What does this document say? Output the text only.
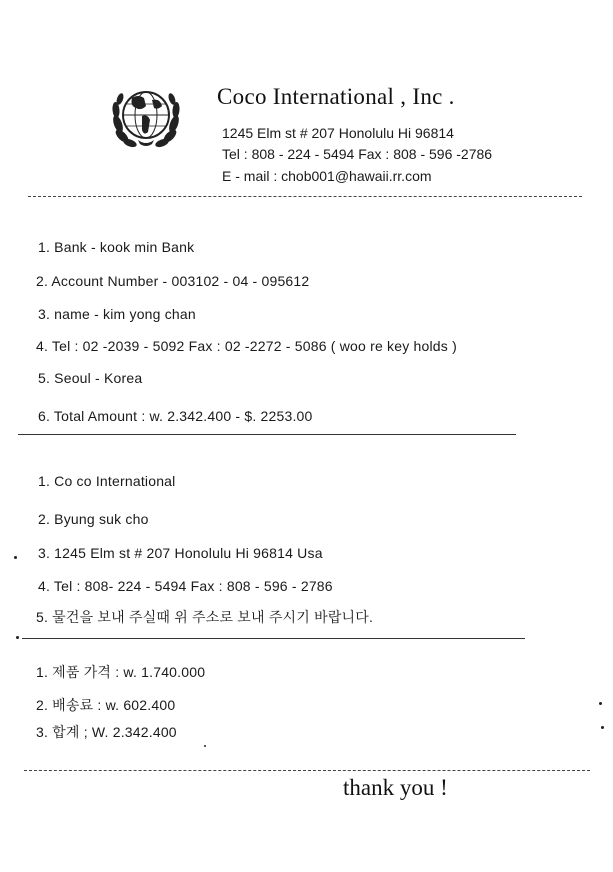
Coco International , Inc .
1245 Elm st # 207 Honolulu Hi 96814
Tel : 808 - 224 - 5494 Fax : 808 - 596 -2786
E - mail : chob001@hawaii.rr.com
1. Bank - kook min Bank
2. Account Number - 003102 - 04 - 095612
3. name - kim yong chan
4. Tel : 02 -2039 - 5092 Fax : 02 -2272 - 5086 ( woo re key holds )
5. Seoul - Korea
6. Total Amount : w. 2.342.400 - $. 2253.00
1. Co co International
2. Byung suk cho
3. 1245 Elm st # 207 Honolulu Hi 96814 Usa
4. Tel : 808- 224 - 5494 Fax : 808 - 596 - 2786
5. 물건을 보내 주실때 위 주소로 보내 주시기 바랍니다.
1. 제품 가격 : w. 1.740.000
2. 배송료 : w. 602.400
3. 합계 ; W. 2.342.400
thank you !
